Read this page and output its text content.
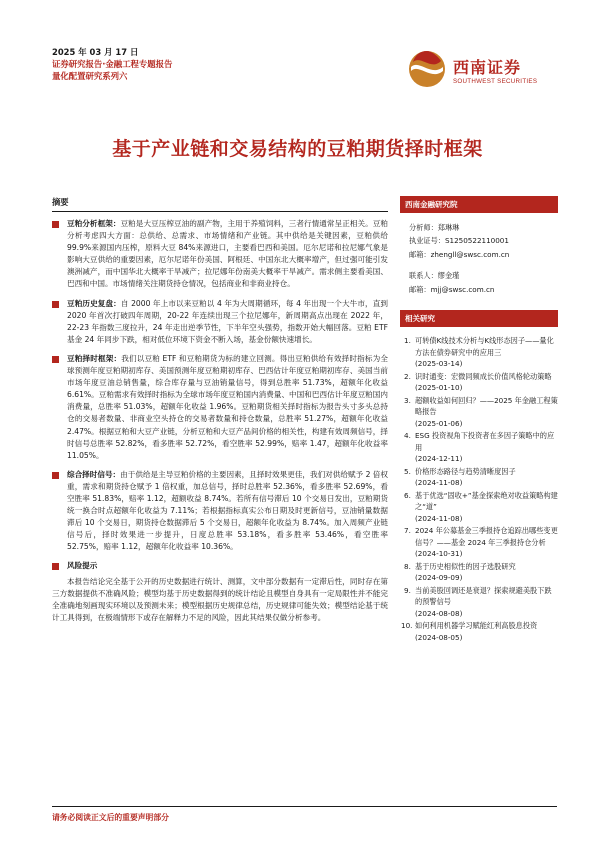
2025 年 03 月 17 日
证券研究报告·金融工程专题报告
量化配置研究系列六	西南证券
SOUTHWEST SECURITIES
基于产业链和交易结构的豆粕期货择时框架
摘要
豆粕分析框架：豆粕是大豆压榨豆油的副产物，主用于养殖饲料，三者行情通常呈正相关。豆粕分析考虑四大方面：总供给、总需求、市场情绪和产业链。其中供给是关键因素，豆粕供给 99.9%来源国内压榨，原料大豆 84%来源进口，主要看巴西和美国。厄尔尼诺和拉尼娜气象是影响大豆供给的重要因素，厄尔尼诺年份美国、阿根廷、中国东北大概率增产，但过强可能引发澳洲减产，而中国华北大概率干旱减产；拉尼娜年份南美大概率干旱减产。需求侧主要看美国、巴西和中国。市场情绪关注期货持仓情况，包括商业和非商业持仓。
豆粕历史复盘：自 2000 年上市以来豆粕以 4 年为大周期循环，每 4 年出现一个大牛市，直到 2020 年首次打破四年周期，20-22 年连续出现三个拉尼娜年，新周期高点出现在 2022 年，22-23 年指数三度拉升，24 年走出逆季节性，下半年空头强势，指数开始大幅回落。豆粕 ETF 基金 24 年同步下跌，相对低位环境下资金不断入场，基金份额快速增长。
豆粕择时框架：我们以豆粕 ETF 和豆粕期货为标的建立回测。得出豆粕供给有效择时指标为全球预测年度豆粕期初库存、美国预测年度豆粕期初库存、巴西估计年度豆粕期初库存、美国当前市场年度豆油总销售量，综合库存量与豆油销量信号，得到总胜率 51.73%，超额年化收益 6.61%。豆粕需求有效择时指标为全球市场年度豆粕国内消费量、中国和巴西估计年度豆粕国内消费量，总胜率 51.03%，超额年化收益 1.96%。豆粕期货相关择时指标为报告头寸多头总持仓的交易者数量、非商业空头持仓的交易者数量和持仓数量，总胜率 51.27%，超额年化收益 2.47%。根据豆粕和大豆产业链，分析豆粕和大豆产品间价格的相关性，构建有效周频信号，择时信号总胜率 52.82%，看多胜率 52.72%，看空胜率 52.99%，赔率 1.47，超额年化收益率 11.05%。
综合择时信号：由于供给是主导豆粕价格的主要因素，且择时效果更佳，我们对供给赋予 2 倍权重，需求和期货持仓赋予 1 倍权重，加总信号，择时总胜率 52.36%，看多胜率 52.69%，看空胜率 51.83%，赔率 1.12，超额收益 8.74%。若所有信号滞后 10 个交易日发出，豆粕期货统一换合时点超额年化收益为 7.11%；若根据指标真实公布日期及时更新信号，豆油销量数据滞后 10 个交易日，期货持仓数据滞后 5 个交易日，超额年化收益为 8.74%。加入周频产业链信号后，择时效果进一步提升，日度总胜率 53.18%，看多胜率 53.46%，看空胜率 52.75%，赔率 1.12，超额年化收益率 10.36%。
风险提示
本报告结论完全基于公开的历史数据进行统计、测算，文中部分数据有一定滞后性，同时存在第三方数据提供不准确风险；模型均基于历史数据得到的统计结论且模型自身具有一定局限性并不能完全准确地刻画现实环境以及预测未来；模型根据历史规律总结，历史规律可能失效；模型结论基于统计工具得到，在极端情形下或存在解释力不足的风险，因此其结果仅做分析参考。
西南金融研究院
分析师：郑琳琳
执业证号：S1250522110001
邮箱：zhengll@swsc.com.cn
联系人：缪金瑾
邮箱：mjj@swsc.com.cn
相关研究
1. 可转债K线技术分析与K线形态因子——量化方法在债券研究中的应用三
(2025-03-14)
2. 识时通变：宏微同频成长价值风格轮动策略
(2025-01-10)
3. 超额收益如何回归？——2025 年金融工程策略报告
(2025-01-06)
4. ESG 投资视角下投资者在多因子策略中的应用
(2024-12-11)
5. 价格形态路径与趋势清晰度因子
(2024-11-08)
6. 基于优选“固收+”基金探索绝对收益策略构建之“道”
(2024-11-08)
7. 2024 年公募基金三季报持仓追踪出哪些变更信号？——基金 2024 年三季报持仓分析
(2024-10-31)
8. 基于历史相似性的因子选股研究
(2024-09-09)
9. 当前美股回调还是衰退？探索规避美股下跌的预警信号
(2024-08-08)
10. 如何利用机器学习赋能红利高股息投资
(2024-08-05)
请务必阅读正文后的重要声明部分
